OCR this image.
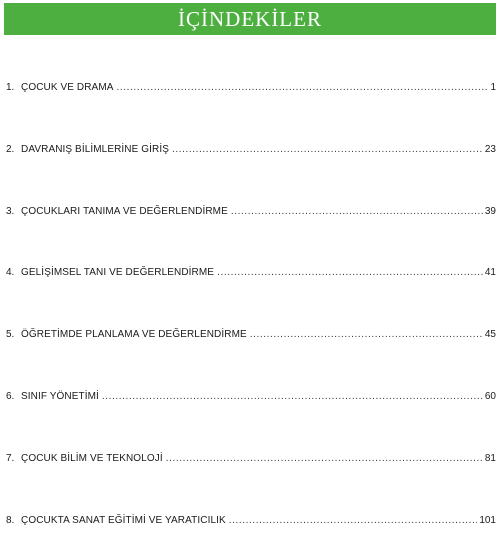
İÇİNDEKİLER
1. ÇOCUK VE DRAMA .....	1
2. DAVRANIŞ BİLİMLERİNE GİRİŞ .....	23
3. ÇOCUKLARI TANIMA VE DEĞERLENDİRME .....	39
4. GELİŞİMSEL TANI VE DEĞERLENDİRME .....	41
5. ÖĞRETİMDE PLANLAMA VE DEĞERLENDİRME .....	45
6. SINIF YÖNETİMİ .....	60
7. ÇOCUK BİLİM VE TEKNOLOJİ .....	81
8. ÇOCUKTA SANAT EĞİTİMİ VE YARATICILIK .....	101
